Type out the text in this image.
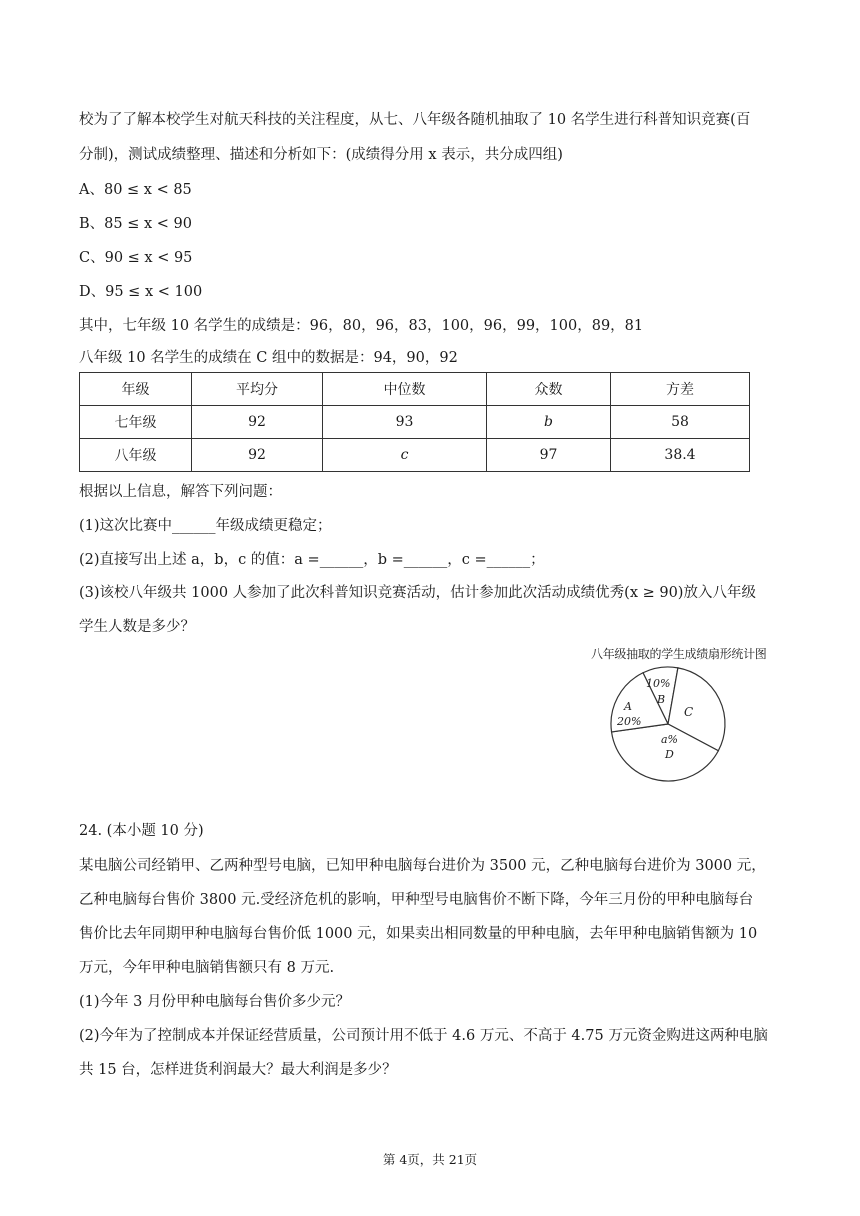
校为了了解本校学生对航天科技的关注程度，从七、八年级各随机抽取了 10 名学生进行科普知识竞赛(百
分制)，测试成绩整理、描述和分析如下：(成绩得分用 x 表示，共分成四组)
A、80 ≤ x < 85
B、85 ≤ x < 90
C、90 ≤ x < 95
D、95 ≤ x < 100
其中，七年级 10 名学生的成绩是：96，80，96，83，100，96，99，100，89，81
八年级 10 名学生的成绩在 C 组中的数据是：94，90，92
年级	平均分	中位数	众数	方差
七年级	92	93	b	58
八年级	92	c	97	38.4
根据以上信息，解答下列问题：
(1)这次比赛中______年级成绩更稳定；
(2)直接写出上述 a，b，c 的值：a =______，b =______，c =______；
(3)该校八年级共 1000 人参加了此次科普知识竞赛活动，估计参加此次活动成绩优秀(x ≥ 90)放入八年级
学生人数是多少？
八年级抽取的学生成绩扇形统计图
10%
B
A
20%
C
a%
D
24. (本小题 10 分)
某电脑公司经销甲、乙两种型号电脑，已知甲种电脑每台进价为 3500 元，乙种电脑每台进价为 3000 元，
乙种电脑每台售价 3800 元.受经济危机的影响，甲种型号电脑售价不断下降，今年三月份的甲种电脑每台
售价比去年同期甲种电脑每台售价低 1000 元，如果卖出相同数量的甲种电脑，去年甲种电脑销售额为 10
万元，今年甲种电脑销售额只有 8 万元.
(1)今年 3 月份甲种电脑每台售价多少元？
(2)今年为了控制成本并保证经营质量，公司预计用不低于 4.6 万元、不高于 4.75 万元资金购进这两种电脑
共 15 台，怎样进货利润最大？最大利润是多少？
第 4页，共 21页
